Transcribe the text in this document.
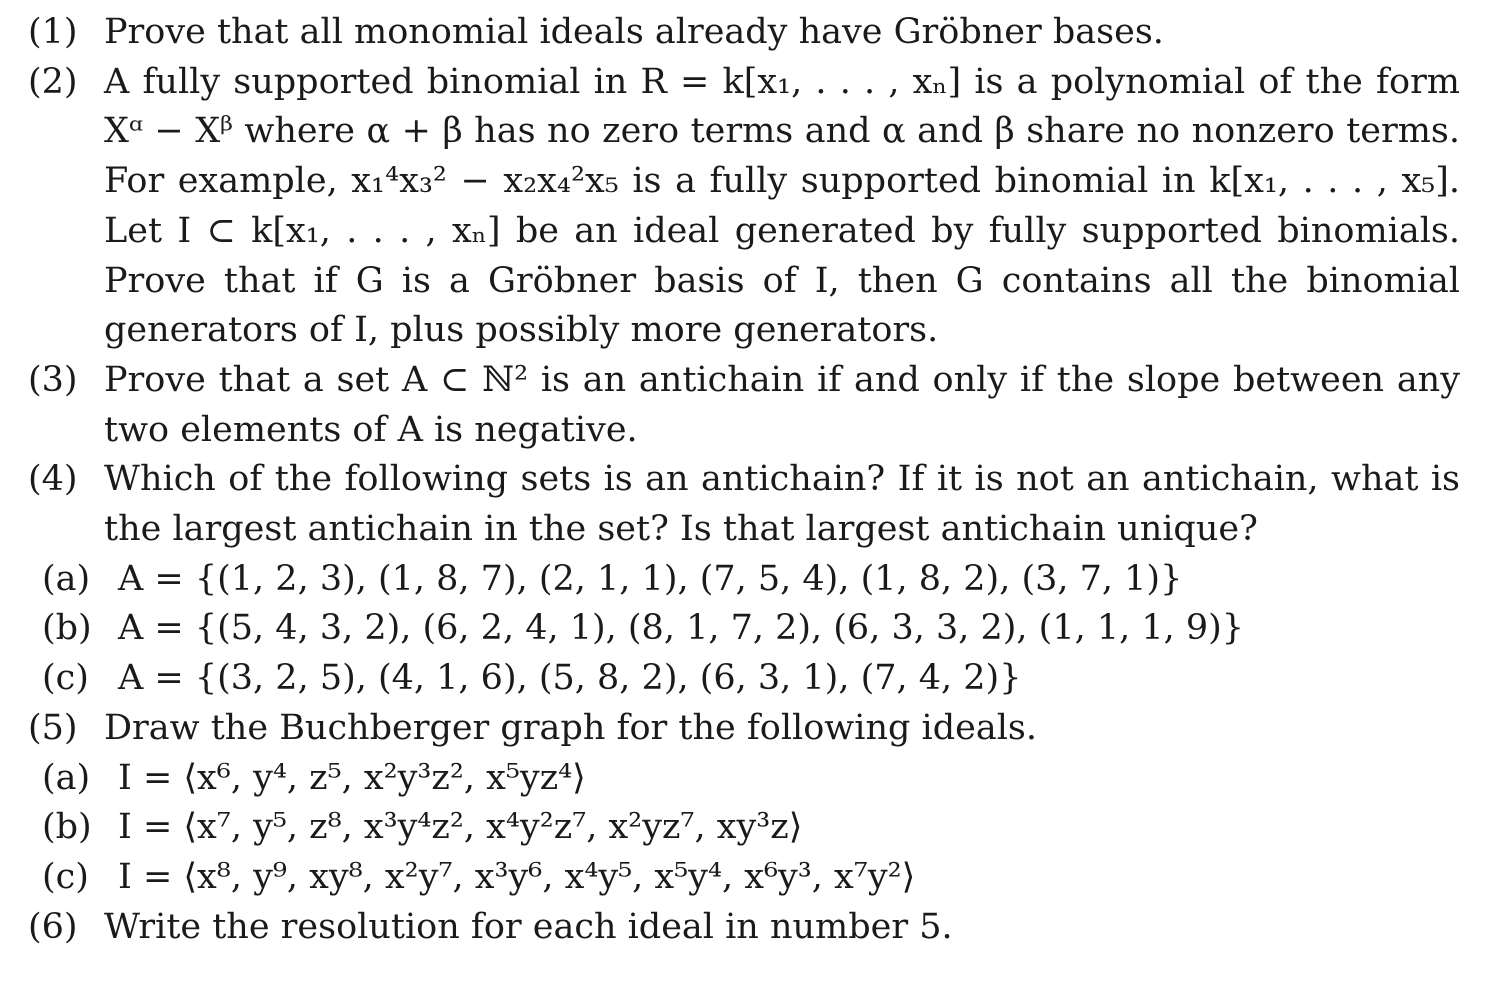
(1) Prove that all monomial ideals already have Gröbner bases.
(2) A fully supported binomial in R = k[x₁, . . . , xₙ] is a polynomial of the form Xᵅ − Xᵝ where α + β has no zero terms and α and β share no nonzero terms. For example, x₁⁴x₃² − x₂x₄²x₅ is a fully supported binomial in k[x₁, . . . , x₅]. Let I ⊂ k[x₁, . . . , xₙ] be an ideal generated by fully supported binomials. Prove that if G is a Gröbner basis of I, then G contains all the binomial generators of I, plus possibly more generators.
(3) Prove that a set A ⊂ ℕ² is an antichain if and only if the slope between any two elements of A is negative.
(4) Which of the following sets is an antichain? If it is not an antichain, what is the largest antichain in the set? Is that largest antichain unique?
(a) A = {(1, 2, 3), (1, 8, 7), (2, 1, 1), (7, 5, 4), (1, 8, 2), (3, 7, 1)}
(b) A = {(5, 4, 3, 2), (6, 2, 4, 1), (8, 1, 7, 2), (6, 3, 3, 2), (1, 1, 1, 9)}
(c) A = {(3, 2, 5), (4, 1, 6), (5, 8, 2), (6, 3, 1), (7, 4, 2)}
(5) Draw the Buchberger graph for the following ideals.
(a) I = ⟨x⁶, y⁴, z⁵, x²y³z², x⁵yz⁴⟩
(b) I = ⟨x⁷, y⁵, z⁸, x³y⁴z², x⁴y²z⁷, x²yz⁷, xy³z⟩
(c) I = ⟨x⁸, y⁹, xy⁸, x²y⁷, x³y⁶, x⁴y⁵, x⁵y⁴, x⁶y³, x⁷y²⟩
(6) Write the resolution for each ideal in number 5.
